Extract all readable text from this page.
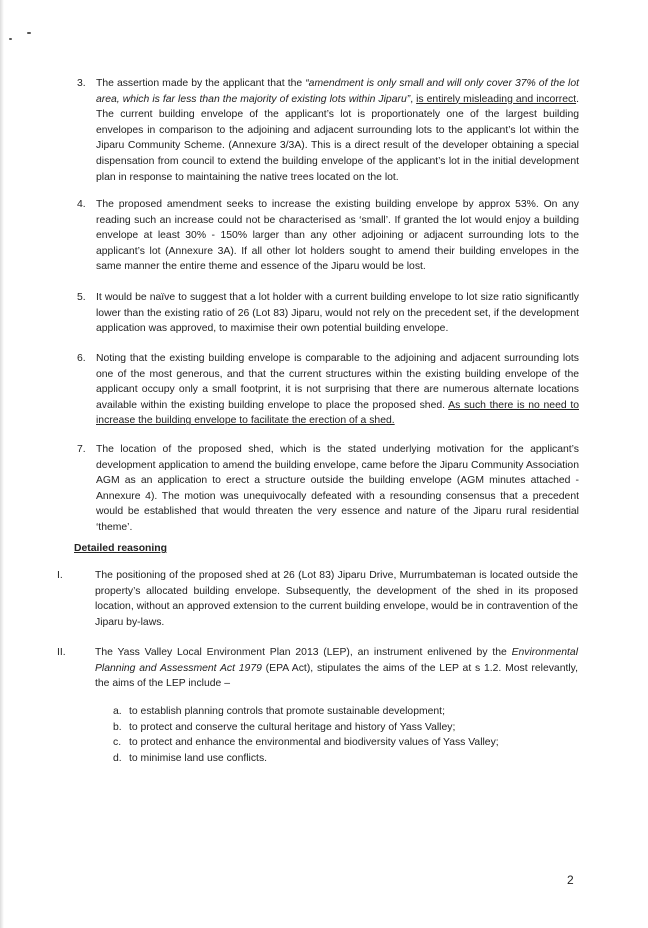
3. The assertion made by the applicant that the “amendment is only small and will only cover 37% of the lot area, which is far less than the majority of existing lots within Jiparu”, is entirely misleading and incorrect. The current building envelope of the applicant’s lot is proportionately one of the largest building envelopes in comparison to the adjoining and adjacent surrounding lots to the applicant’s lot within the Jiparu Community Scheme. (Annexure 3/3A). This is a direct result of the developer obtaining a special dispensation from council to extend the building envelope of the applicant’s lot in the initial development plan in response to maintaining the native trees located on the lot.

4. The proposed amendment seeks to increase the existing building envelope by approx 53%. On any reading such an increase could not be characterised as ‘small’. If granted the lot would enjoy a building envelope at least 30% - 150% larger than any other adjoining or adjacent surrounding lots to the applicant’s lot (Annexure 3A). If all other lot holders sought to amend their building envelopes in the same manner the entire theme and essence of the Jiparu would be lost.

5. It would be naïve to suggest that a lot holder with a current building envelope to lot size ratio significantly lower than the existing ratio of 26 (Lot 83) Jiparu, would not rely on the precedent set, if the development application was approved, to maximise their own potential building envelope.

6. Noting that the existing building envelope is comparable to the adjoining and adjacent surrounding lots one of the most generous, and that the current structures within the existing building envelope of the applicant occupy only a small footprint, it is not surprising that there are numerous alternate locations available within the existing building envelope to place the proposed shed. As such there is no need to increase the building envelope to facilitate the erection of a shed.

7. The location of the proposed shed, which is the stated underlying motivation for the applicant’s development application to amend the building envelope, came before the Jiparu Community Association AGM as an application to erect a structure outside the building envelope (AGM minutes attached - Annexure 4). The motion was unequivocally defeated with a resounding consensus that a precedent would be established that would threaten the very essence and nature of the Jiparu rural residential ‘theme’.

Detailed reasoning
I.	The positioning of the proposed shed at 26 (Lot 83) Jiparu Drive, Murrumbateman is located outside the property’s allocated building envelope. Subsequently, the development of the shed in its proposed location, without an approved extension to the current building envelope, would be in contravention of the Jiparu by-laws.

II.	The Yass Valley Local Environment Plan 2013 (LEP), an instrument enlivened by the Environmental Planning and Assessment Act 1979 (EPA Act), stipulates the aims of the LEP at s 1.2. Most relevantly, the aims of the LEP include –

a. to establish planning controls that promote sustainable development;
b. to protect and conserve the cultural heritage and history of Yass Valley;
c. to protect and enhance the environmental and biodiversity values of Yass Valley;
d. to minimise land use conflicts.
2
